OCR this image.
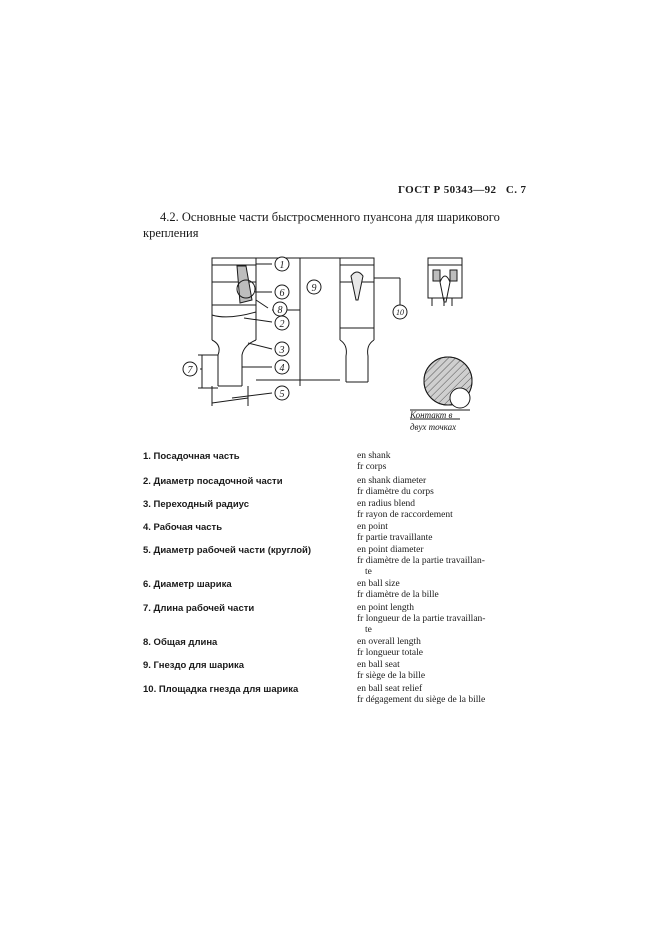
ГОСТ Р 50343—92 С. 7
4.2. Основные части быстросменного пуансона для шарикового крепления
1
2
3
4
5
6
7
8
9
10
Контакт в
двух точках
1. Посадочная часть	en shank
fr corps
2. Диаметр посадочной части	en shank diameter
fr diamètre du corps
3. Переходный радиус	en radius blend
fr rayon de raccordement
4. Рабочая часть	en point
fr partie travaillante
5. Диаметр рабочей части (круглой)	en point diameter
fr diamètre de la partie travaillan-
te
6. Диаметр шарика	en ball size
fr diamètre de la bille
7. Длина рабочей части	en point length
fr longueur de la partie travaillan-
te
8. Общая длина	en overall length
fr longueur totale
9. Гнездо для шарика	en ball seat
fr siège de la bille
10. Площадка гнезда для шарика	en ball seat relief
fr dégagement du siège de la bille
